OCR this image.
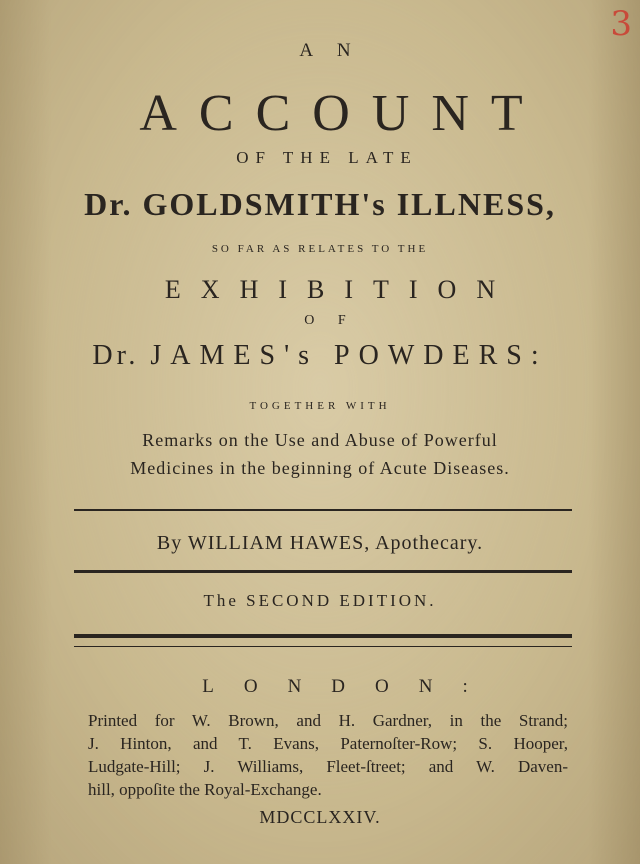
3
A N
ACCOUNT
OF THE LATE
Dr. GOLDSMITH's ILLNESS,
SO FAR AS RELATES TO THE
EXHIBITION
O F
Dr. JAMES's POWDERS:
TOGETHER WITH
Remarks on the Use and Abuse of Powerful
Medicines in the beginning of Acute Diseases.
By WILLIAM HAWES, Apothecary.
The SECOND EDITION.
LONDON:
Printed for W. Brown, and H. Gardner, in the Strand;
J. Hinton, and T. Evans, Paternoſter-Row; S. Hooper,
Ludgate-Hill; J. Williams, Fleet-ſtreet; and W. Daven-
hill, oppoſite the Royal-Exchange.
MDCCLXXIV.
